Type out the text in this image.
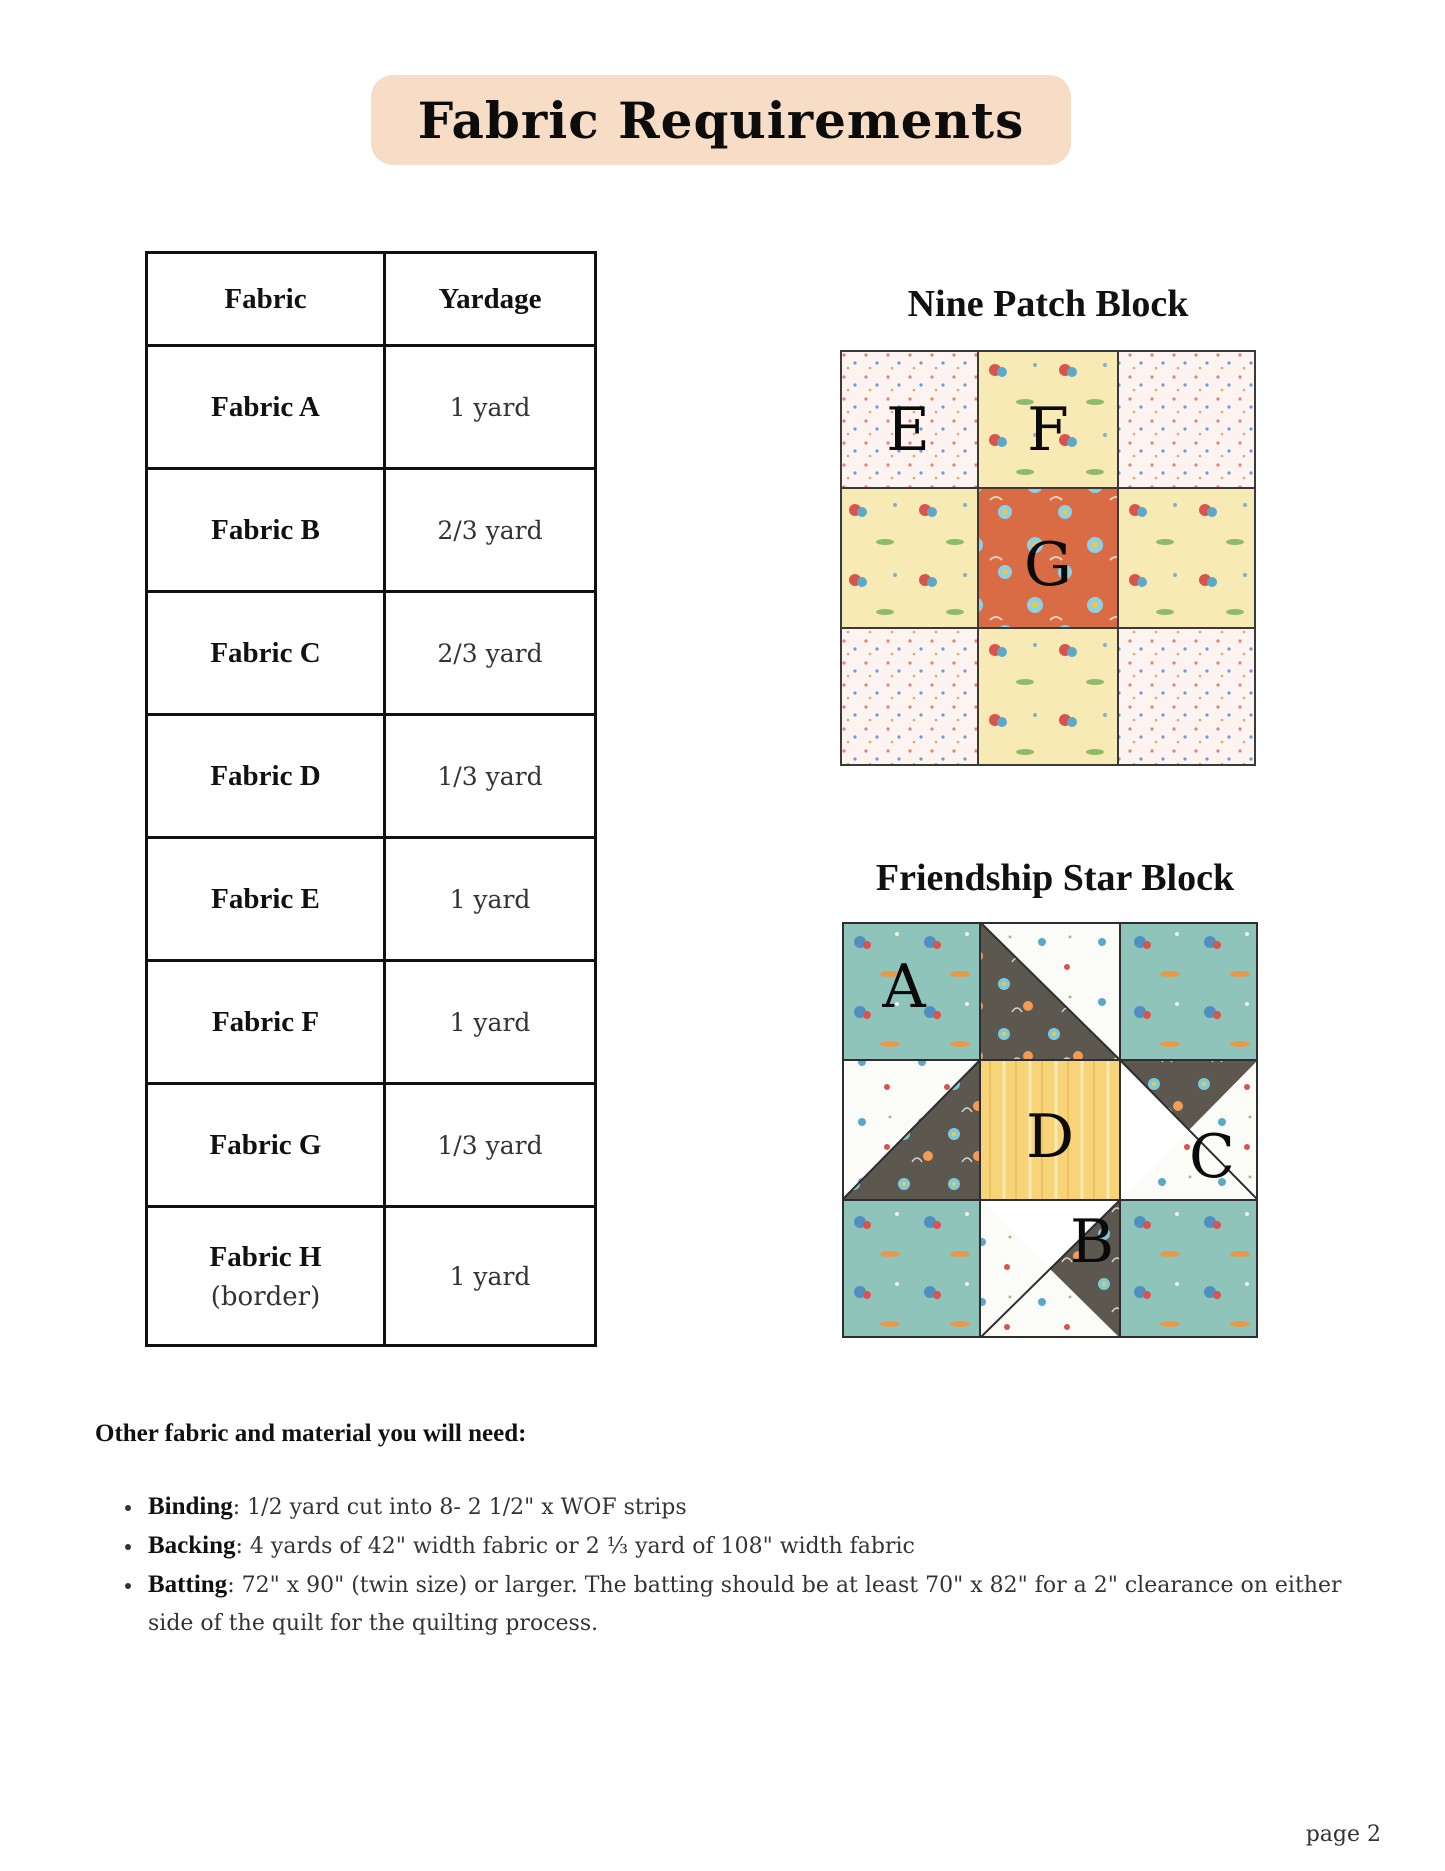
Fabric Requirements
Fabric	Yardage
Fabric A	1 yard
Fabric B	2/3 yard
Fabric C	2/3 yard
Fabric D	1/3 yard
Fabric E	1 yard
Fabric F	1 yard
Fabric G	1/3 yard
Fabric H
(border)	1 yard
Nine Patch Block
E F
G
Friendship Star Block
A
D C
B
Other fabric and material you will need:
• Binding: 1/2 yard cut into 8- 2 1/2" x WOF strips
• Backing: 4 yards of 42" width fabric or 2 ⅓ yard of 108" width fabric
• Batting: 72" x 90" (twin size) or larger. The batting should be at least 70" x 82" for a 2" clearance on either side of the quilt for the quilting process.
page 2
